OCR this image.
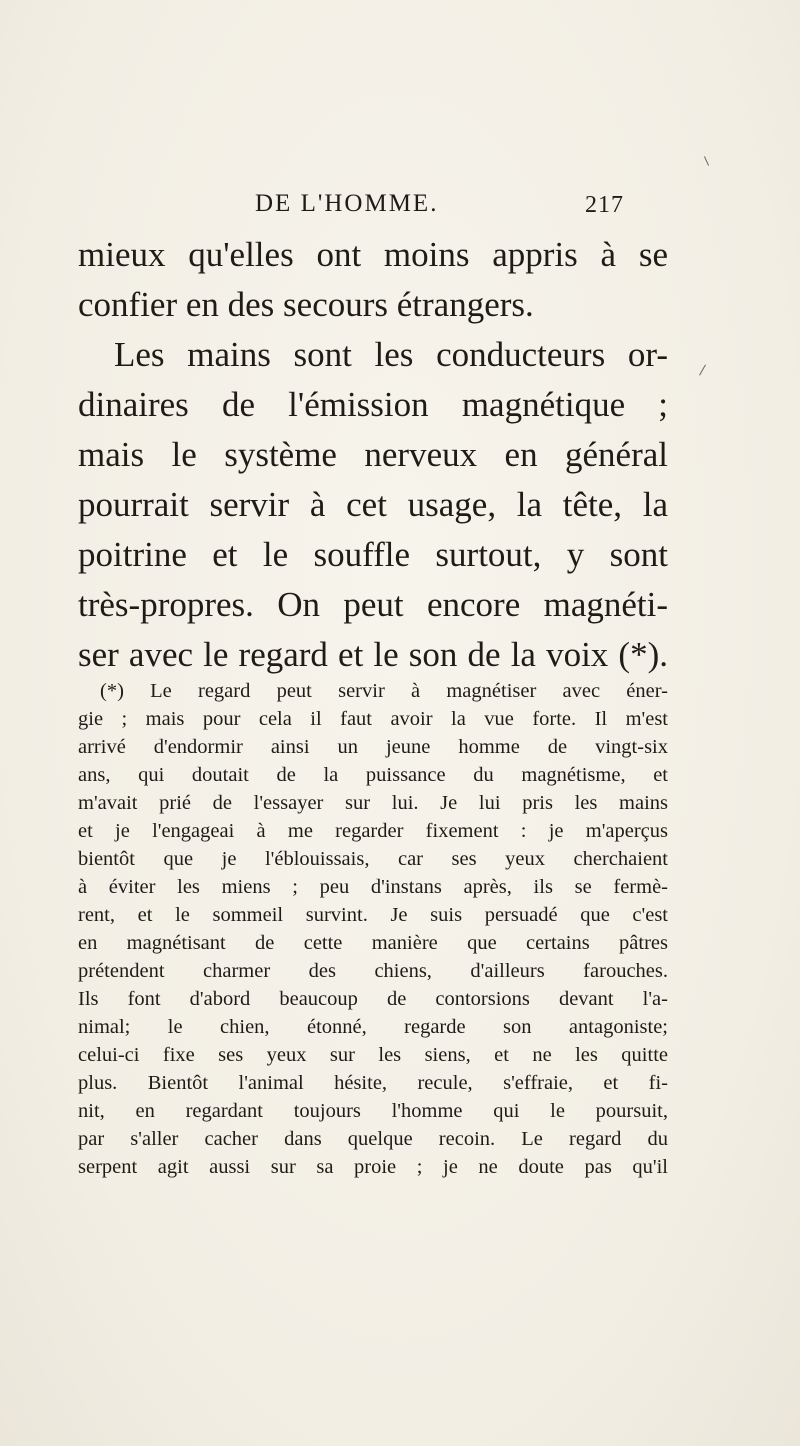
DE L'HOMME.	217
mieux qu'elles ont moins appris à se
confier en des secours étrangers.
Les mains sont les conducteurs or-
dinaires de l'émission magnétique ;
mais le système nerveux en général
pourrait servir à cet usage, la tête, la
poitrine et le souffle surtout, y sont
très-propres. On peut encore magnéti-
ser avec le regard et le son de la voix (*).
(*) Le regard peut servir à magnétiser avec éner-
gie ; mais pour cela il faut avoir la vue forte. Il m'est
arrivé d'endormir ainsi un jeune homme de vingt-six
ans, qui doutait de la puissance du magnétisme, et
m'avait prié de l'essayer sur lui. Je lui pris les mains
et je l'engageai à me regarder fixement : je m'aperçus
bientôt que je l'éblouissais, car ses yeux cherchaient
à éviter les miens ; peu d'instans après, ils se fermè-
rent, et le sommeil survint. Je suis persuadé que c'est
en magnétisant de cette manière que certains pâtres
prétendent charmer des chiens, d'ailleurs farouches.
Ils font d'abord beaucoup de contorsions devant l'a-
nimal; le chien, étonné, regarde son antagoniste;
celui-ci fixe ses yeux sur les siens, et ne les quitte
plus. Bientôt l'animal hésite, recule, s'effraie, et fi-
nit, en regardant toujours l'homme qui le poursuit,
par s'aller cacher dans quelque recoin. Le regard du
serpent agit aussi sur sa proie ; je ne doute pas qu'il
